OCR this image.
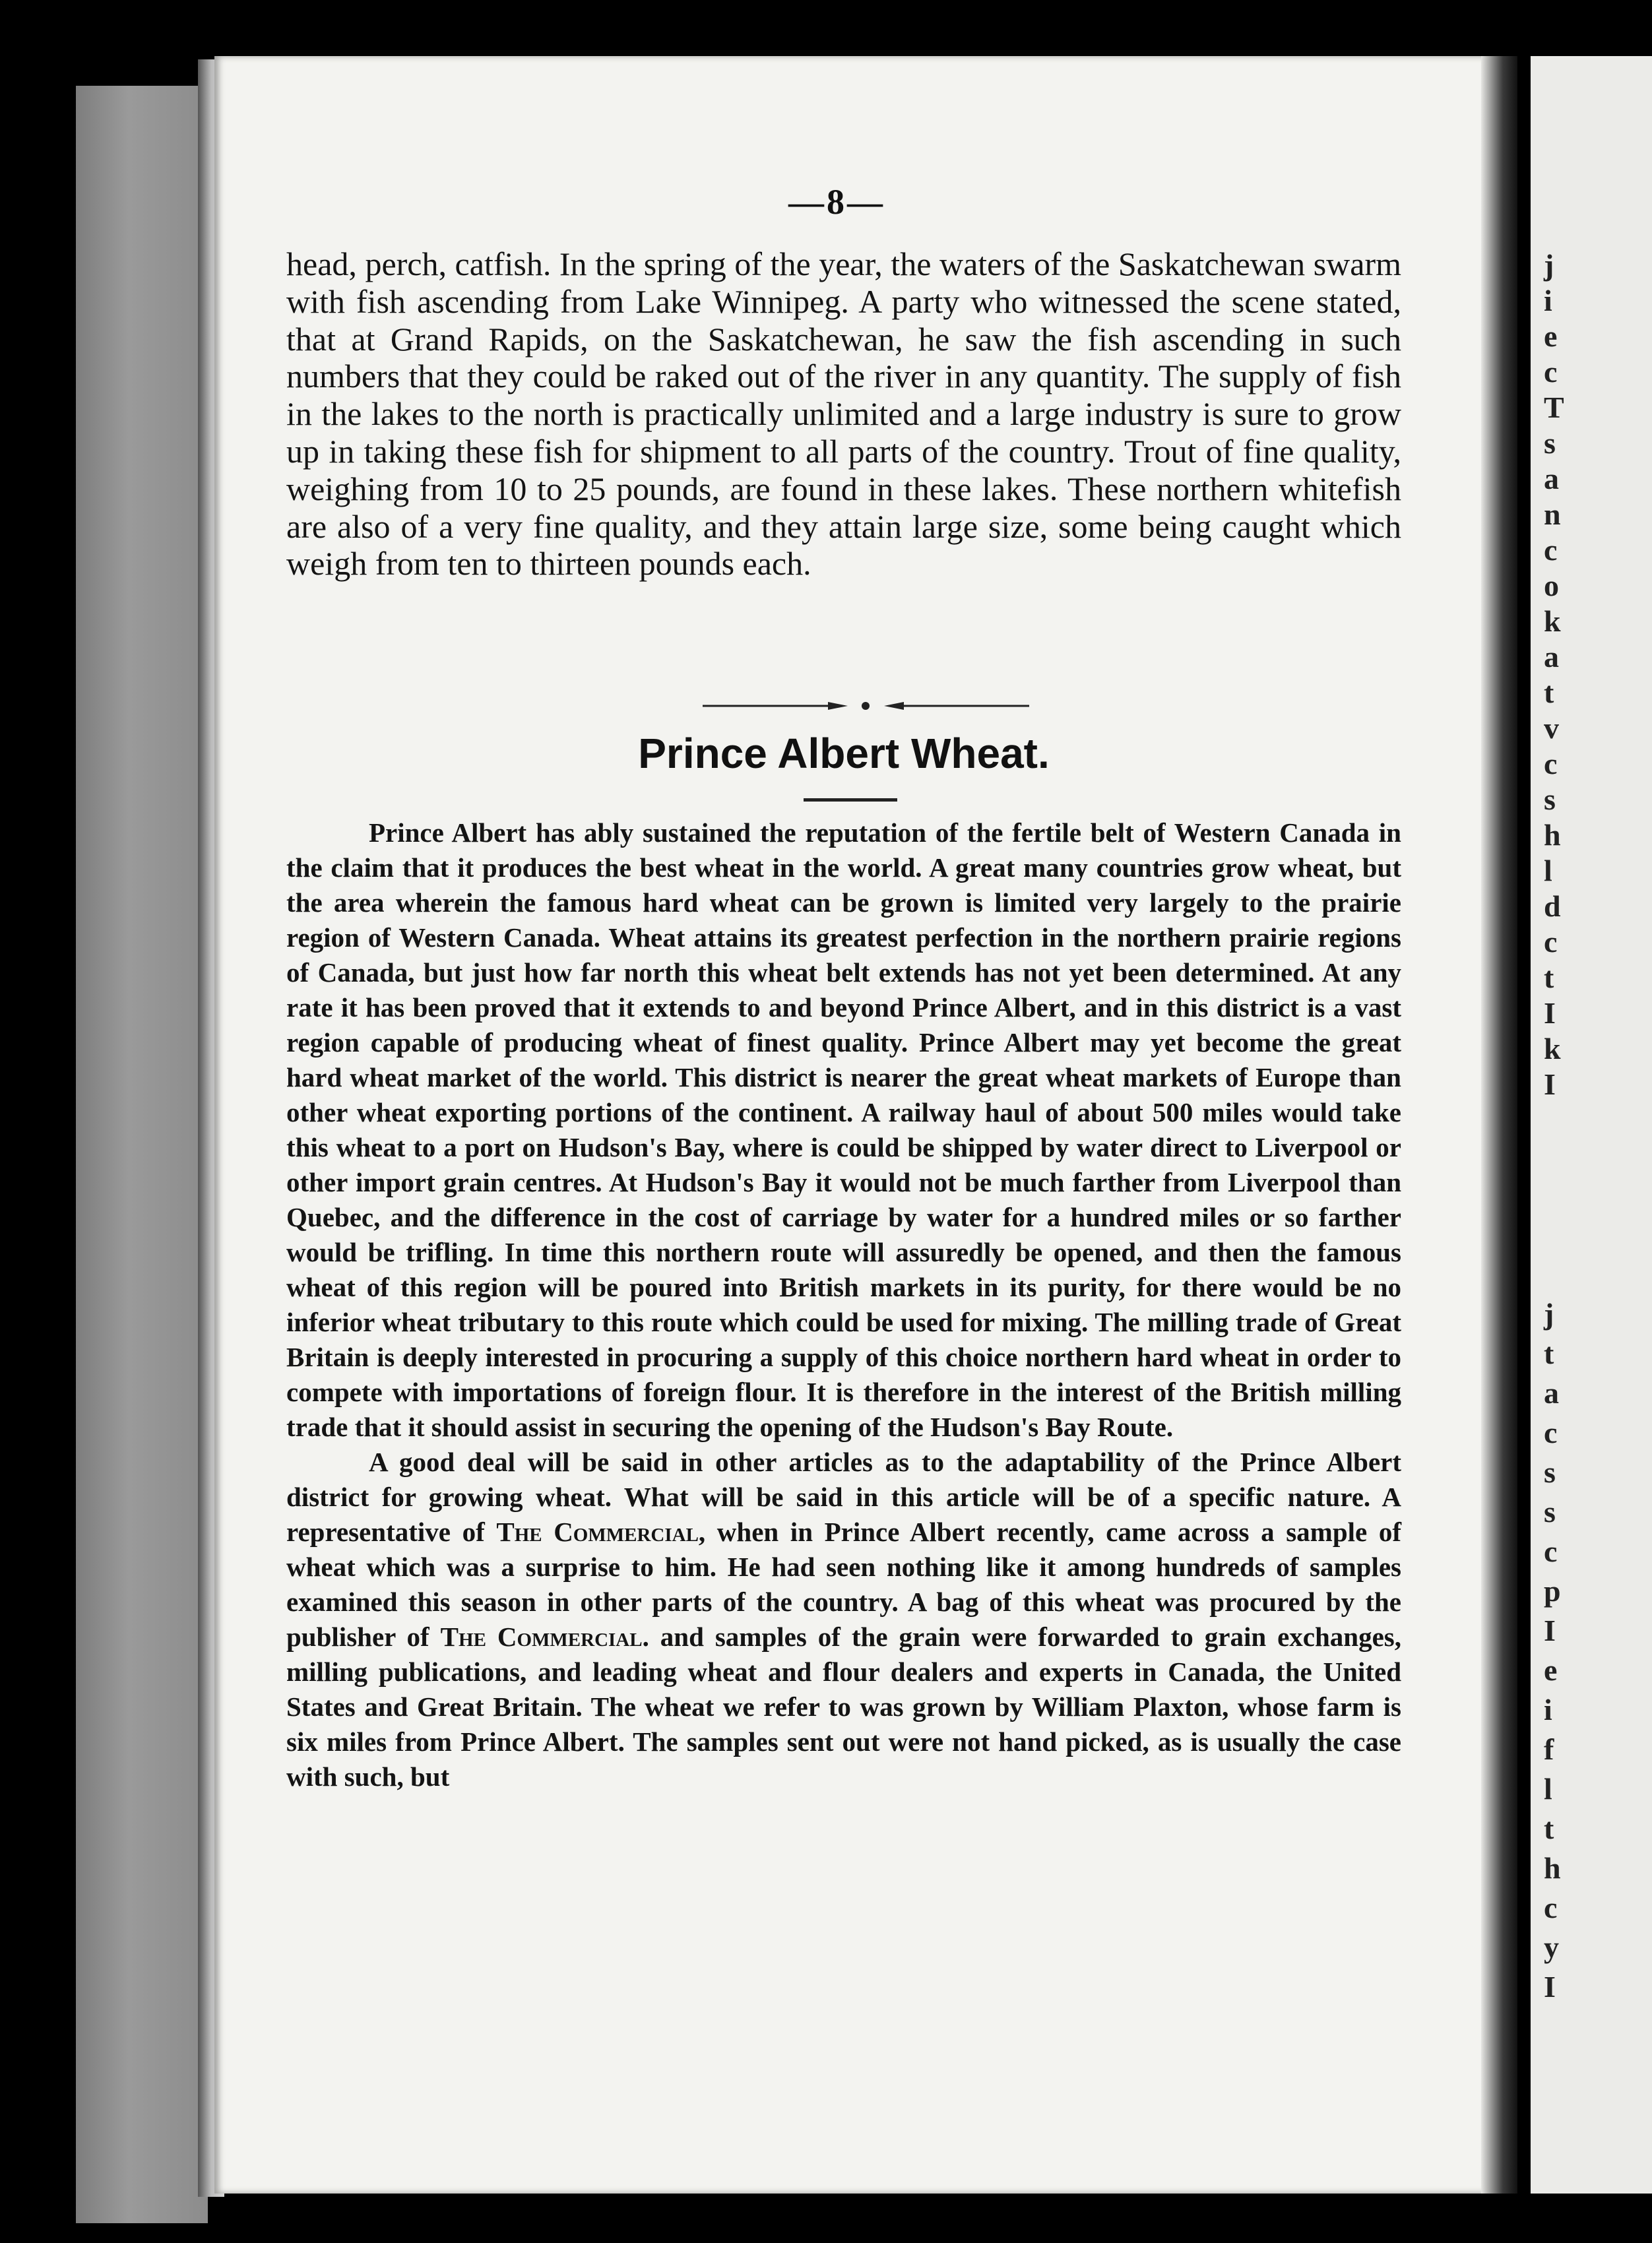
j
i
e
c
T
s
a
n
c
o
k
a
t
v
c
s
h
l
d
c
t
I
k
I
j
t
a
c
s
s
c
p
I
e
i
f
l
t
h
c
y
I
—8—
head, perch, catfish. In the spring of the year, the waters of the Saskatchewan swarm with fish ascending from Lake Winnipeg. A party who witnessed the scene stated, that at Grand Rapids, on the Saskatchewan, he saw the fish ascending in such numbers that they could be raked out of the river in any quantity. The supply of fish in the lakes to the north is practically unlimited and a large industry is sure to grow up in taking these fish for shipment to all parts of the country. Trout of fine quality, weighing from 10 to 25 pounds, are found in these lakes. These northern whitefish are also of a very fine quality, and they attain large size, some being caught which weigh from ten to thirteen pounds each.
Prince Albert Wheat.

Prince Albert has ably sustained the reputation of the fertile belt of Western Canada in the claim that it produces the best wheat in the world. A great many countries grow wheat, but the area wherein the famous hard wheat can be grown is limited very largely to the prairie region of Western Canada. Wheat attains its greatest perfection in the northern prairie regions of Canada, but just how far north this wheat belt extends has not yet been determined. At any rate it has been proved that it extends to and beyond Prince Albert, and in this district is a vast region capable of producing wheat of finest quality. Prince Albert may yet become the great hard wheat market of the world. This district is nearer the great wheat markets of Europe than other wheat exporting portions of the continent. A railway haul of about 500 miles would take this wheat to a port on Hudson's Bay, where is could be shipped by water direct to Liverpool or other import grain centres. At Hudson's Bay it would not be much farther from Liverpool than Quebec, and the difference in the cost of carriage by water for a hundred miles or so farther would be trifling. In time this northern route will assuredly be opened, and then the famous wheat of this region will be poured into British markets in its purity, for there would be no inferior wheat tributary to this route which could be used for mixing. The milling trade of Great Britain is deeply interested in procuring a supply of this choice northern hard wheat in order to compete with importations of foreign flour. It is therefore in the interest of the British milling trade that it should assist in securing the opening of the Hudson's Bay Route.

A good deal will be said in other articles as to the adaptability of the Prince Albert district for growing wheat. What will be said in this article will be of a specific nature. A representative of The Commercial, when in Prince Albert recently, came across a sample of wheat which was a surprise to him. He had seen nothing like it among hundreds of samples examined this season in other parts of the country. A bag of this wheat was procured by the publisher of The Commercial. and samples of the grain were forwarded to grain exchanges, milling publications, and leading wheat and flour dealers and experts in Canada, the United States and Great Britain. The wheat we refer to was grown by William Plaxton, whose farm is six miles from Prince Albert. The samples sent out were not hand picked, as is usually the case with such, but
